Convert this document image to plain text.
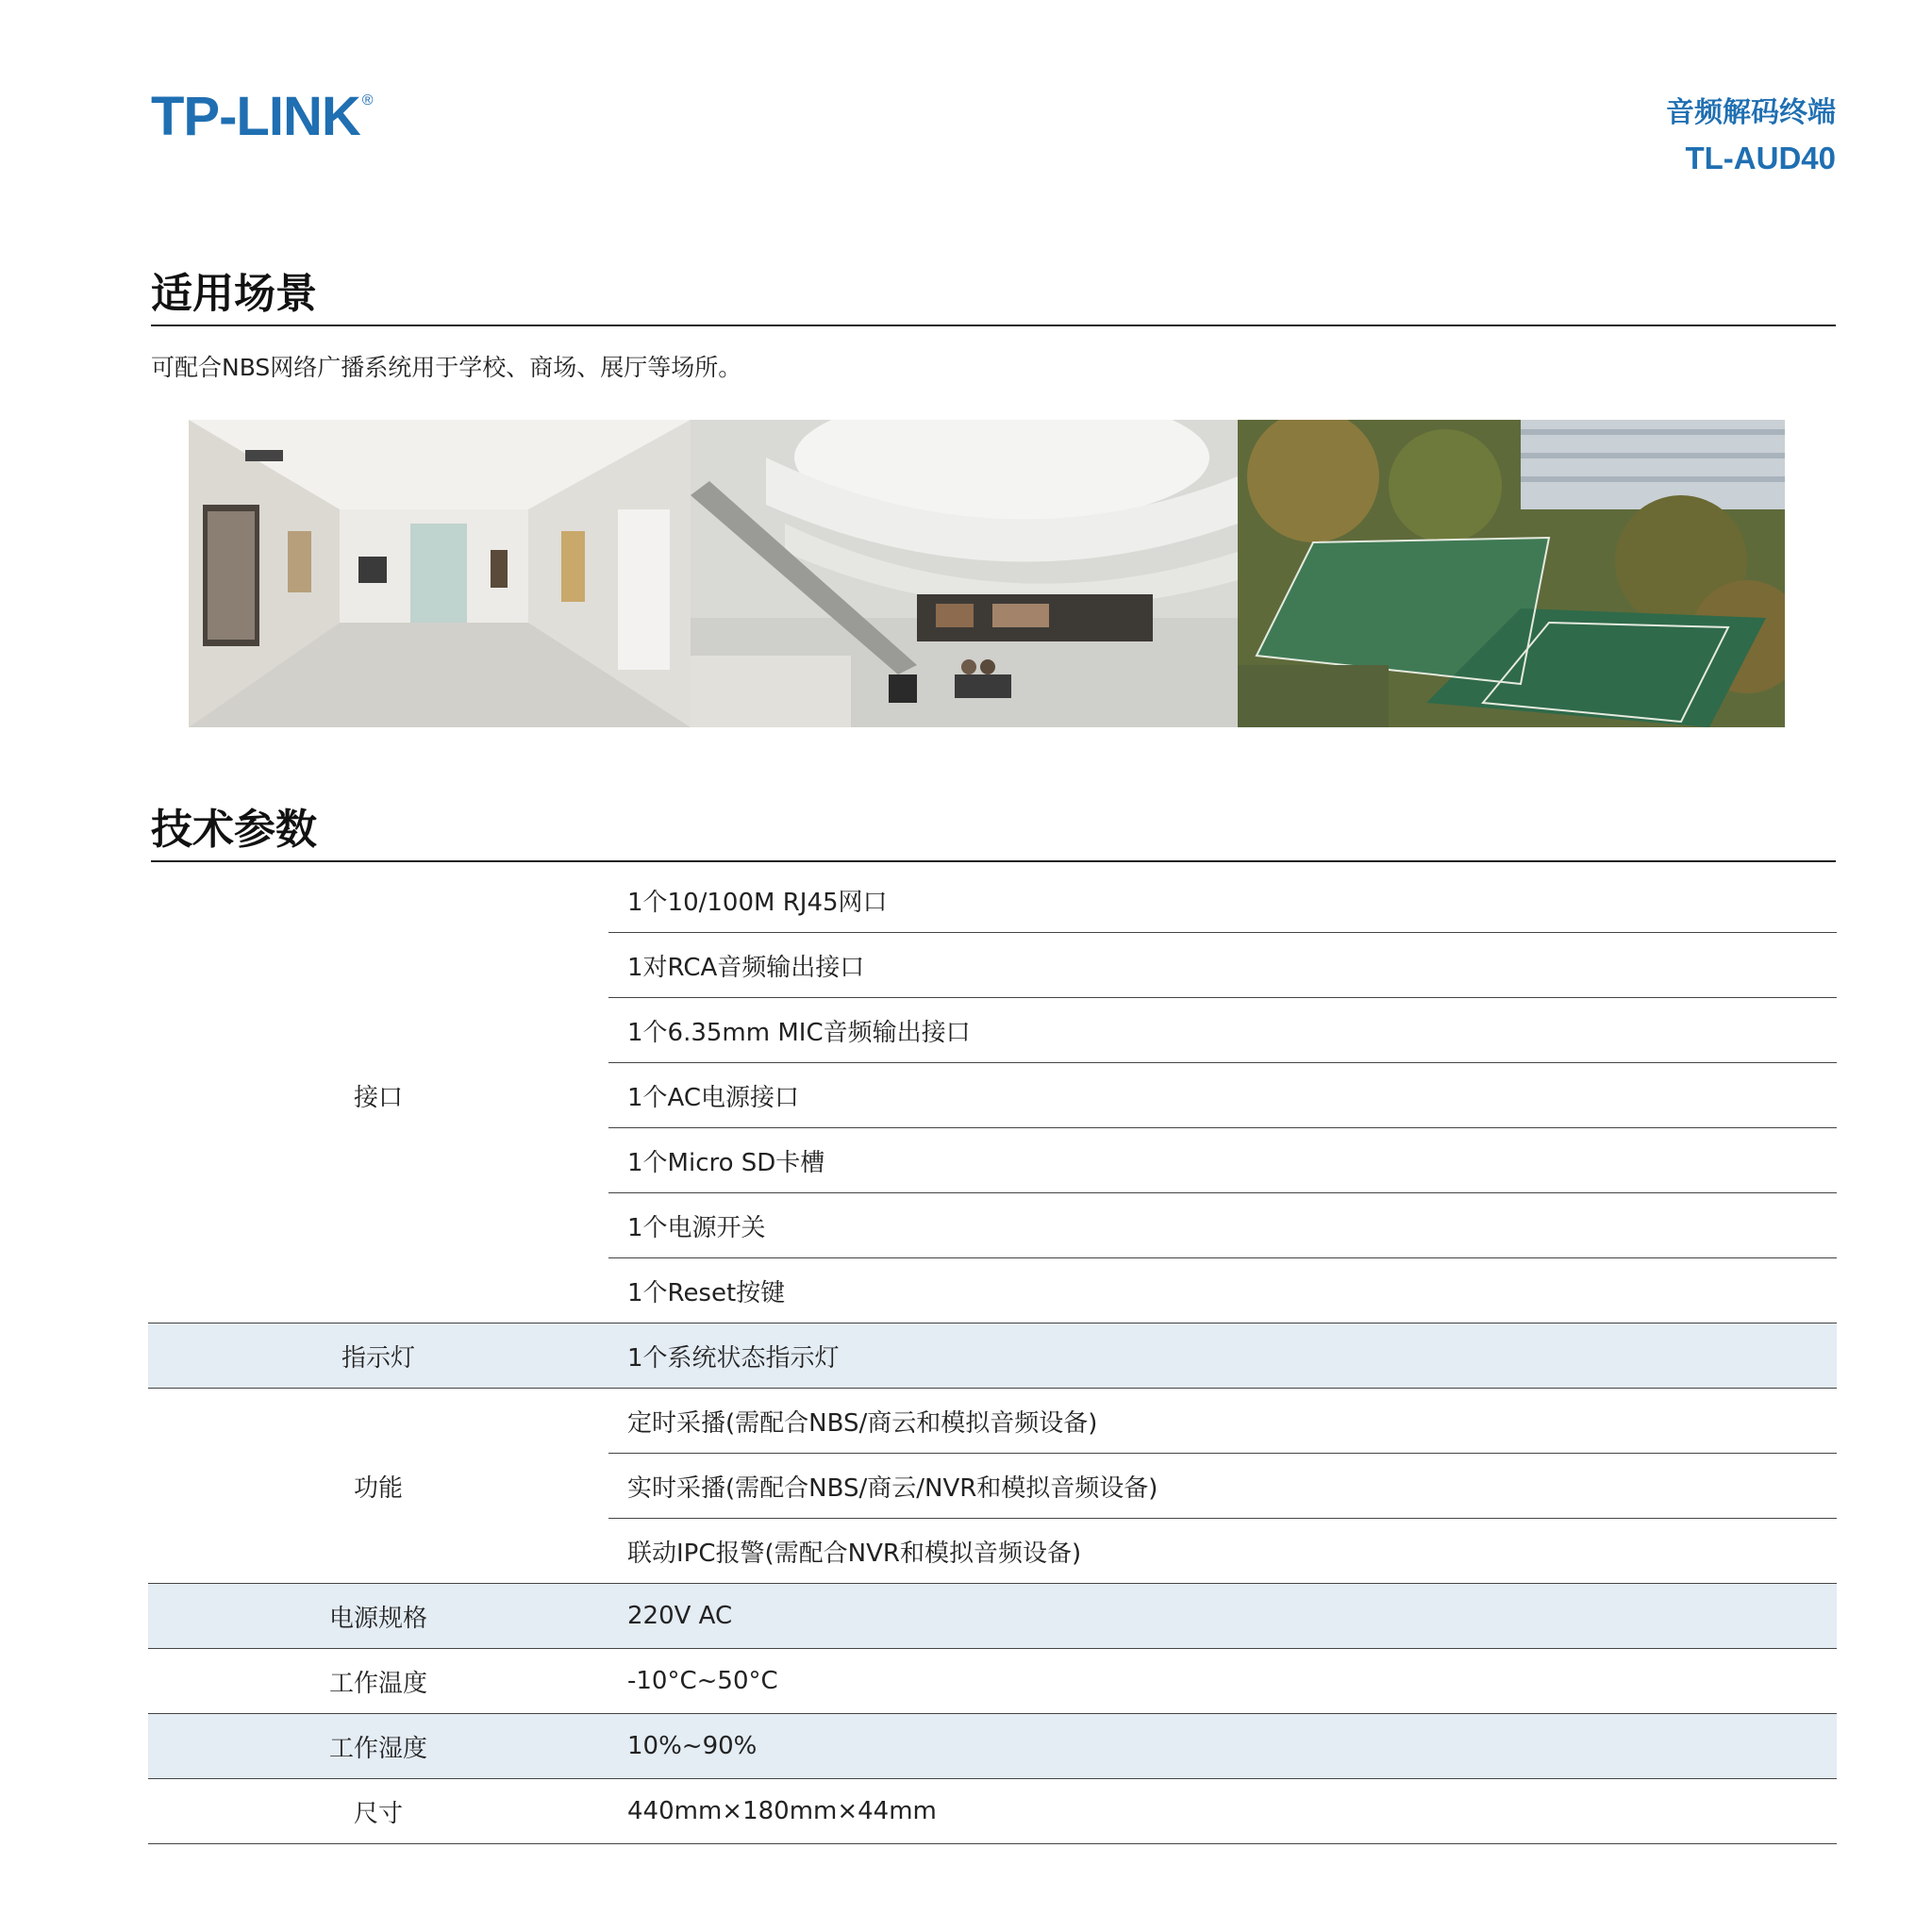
TP-LINK ®	音频解码终端
TL-AUD40
适用场景
可配合NBS网络广播系统用于学校、商场、展厅等场所。
技术参数
接口	1个10/100M RJ45网口
	1对RCA音频输出接口
	1个6.35mm MIC音频输出接口
	1个AC电源接口
	1个Micro SD卡槽
	1个电源开关
	1个Reset按键
指示灯	1个系统状态指示灯
功能	定时采播(需配合NBS/商云和模拟音频设备)
	实时采播(需配合NBS/商云/NVR和模拟音频设备)
	联动IPC报警(需配合NVR和模拟音频设备)
电源规格	220V AC
工作温度	-10°C~50°C
工作湿度	10%~90%
尺寸	440mm×180mm×44mm
